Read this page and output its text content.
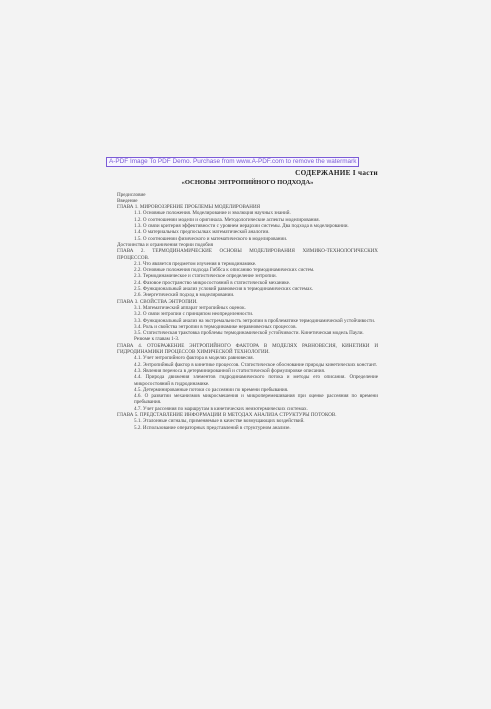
A-PDF Image To PDF Demo. Purchase from www.A-PDF.com to remove the watermark
СОДЕРЖАНИЕ I части
«ОСНОВЫ ЭНТРОПИЙНОГО ПОДХОДА»
Предисловие
Введение
ГЛАВА 1. МИРОВОЗЗРЕНИЕ ПРОБЛЕМЫ МОДЕЛИРОВАНИЯ
1.1. Основные положения. Моделирование и эволюция научных знаний.
1.2. О соотношении модели и оригинала. Методологические аспекты моделирования.
1.3. О связи критерия эффективности с уровнем иерархии системы. Два подхода в моделировании.
1.4. О материальных предпосылках математической аналогии.
1.5. О соотношении физического и математического в моделировании.
Достоинства и ограничения теории подобия
ГЛАВА 2. ТЕРМОДИНАМИЧЕСКИЕ ОСНОВЫ МОДЕЛИРОВАНИЯ ХИМИКО-ТЕХНОЛОГИЧЕСКИХ ПРОЦЕССОВ.
2.1. Что является предметом изучения в термодинамике.
2.2. Основные положения подхода Гиббса к описанию термодинамических систем.
2.3. Термодинамическое и статистическое определение энтропии.
2.4. Фазовое пространство микросостояний в статистической механике.
2.5. Функциональный анализ условий равновесия в термодинамических системах.
2.6. Энергетический подход в моделировании.
ГЛАВА 3. СВОЙСТВА ЭНТРОПИИ.
3.1. Математический аппарат энтропийных оценок.
3.2. О связи энтропии с принципом неопределенности.
3.3. Функциональный анализ на экстремальность энтропии в проблематике термодинамической устойчивости.
3.4. Роль и свойства энтропии в термодинамике неравновесных процессов.
3.5. Статистическая трактовка проблемы термодинамической устойчивости. Кинетическая модель Паули.
Резюме к главам 1-3.
ГЛАВА 4. ОТОБРАЖЕНИЕ ЭНТРОПИЙНОГО ФАКТОРА В МОДЕЛЯХ РАВНОВЕСИЯ, КИНЕТИКИ И ГИДРОДИНАМИКИ ПРОЦЕССОВ ХИМИЧЕСКОЙ ТЕХНОЛОГИИ.
4.1. Учет энтропийного фактора в моделях равновесия.
4.2. Энтропийный фактор в кинетике процессов. Статистическое обоснование природы кинетических констант.
4.3. Явления переноса в детерминированной и статистической формулировке описания.
4.4. Природа движения элементов гидродинамического потока и методы его описания. Определение микросостояний в гидродинамике.
4.5. Детерминированные потоки со рассеянии по времени пребывания.
4.6. О развитии механизмов микросмешения и микроперемешивания при оценке рассеяния по времени пребывания.
4.7. Учет рассеяния по маршрутам в кинетических неизотермических системах.
ГЛАВА 5. ПРЕДСТАВЛЕНИЕ ИНФОРМАЦИИ В МЕТОДАХ АНАЛИЗА СТРУКТУРЫ ПОТОКОВ.
5.1. Эталонные сигналы, применяемые в качестве возмущающих воздействий.
5.2. Использование операторных представлений в структурном анализе.
